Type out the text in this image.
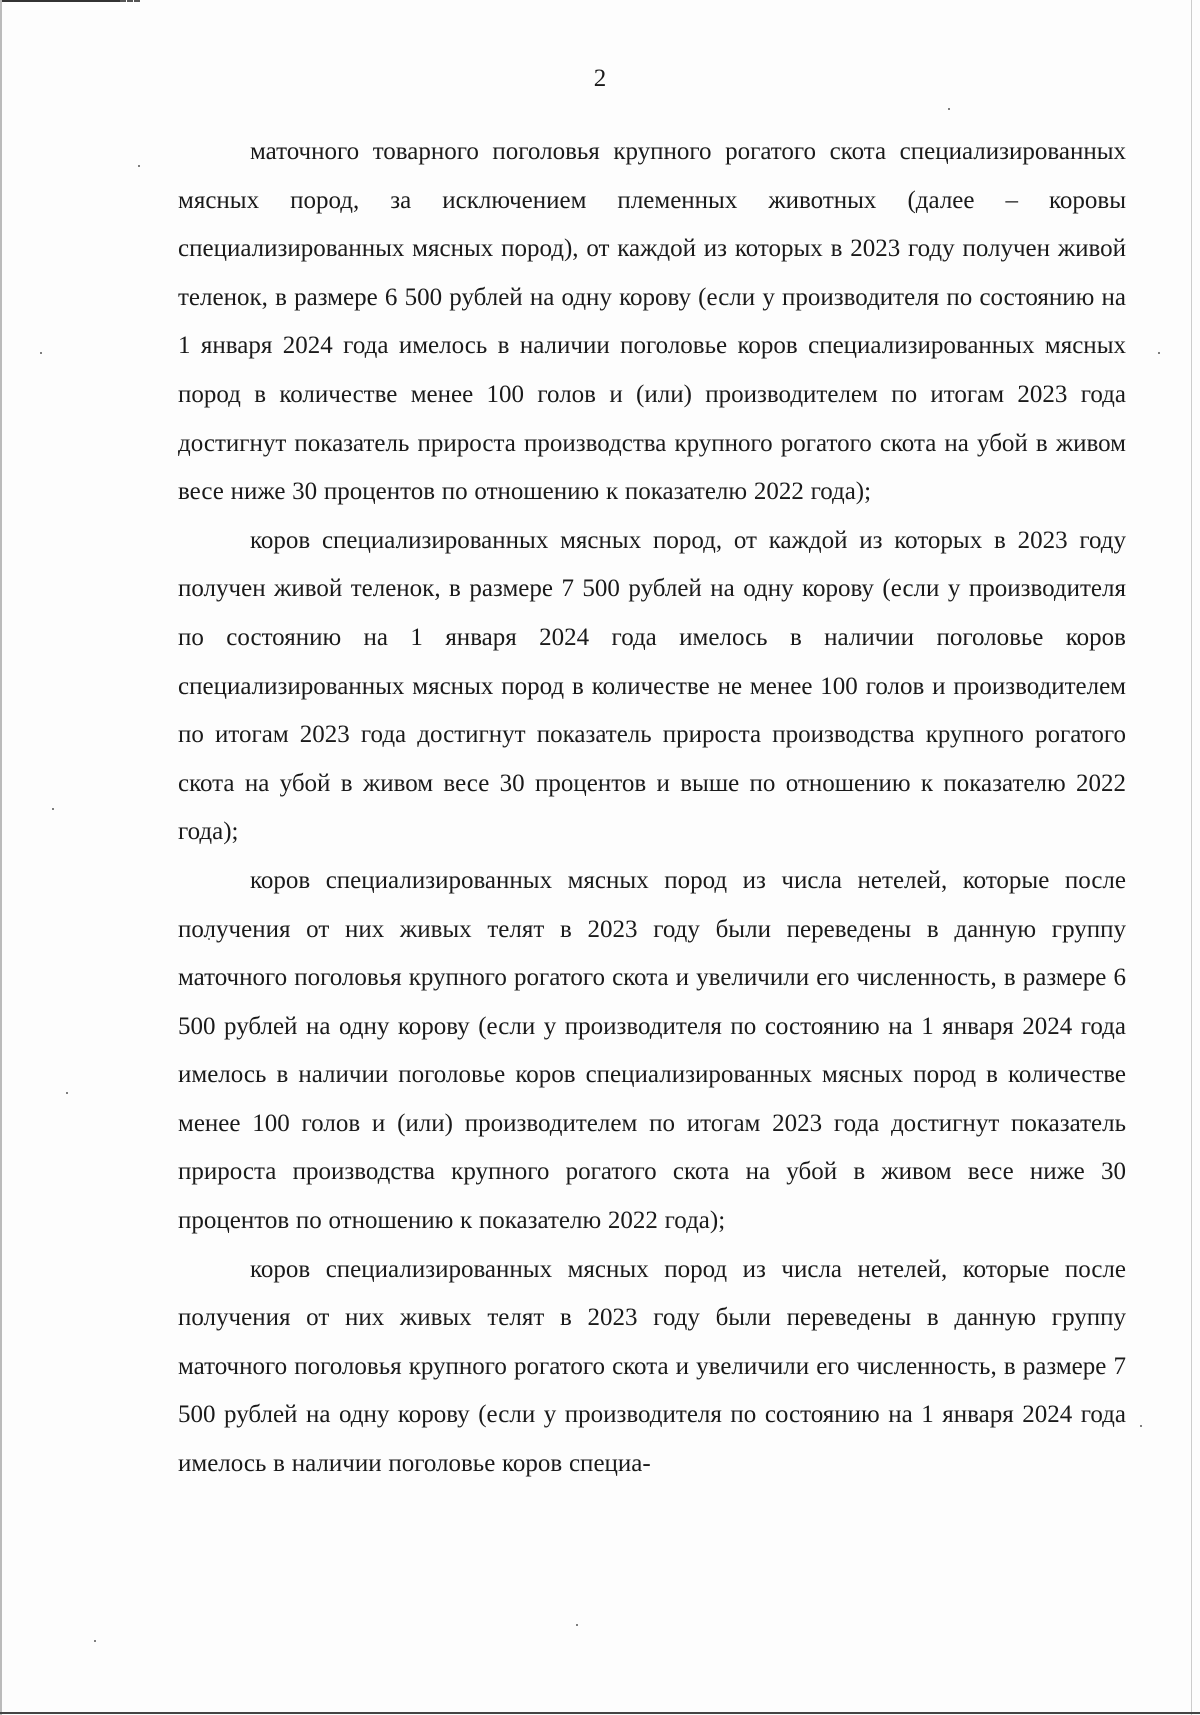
2

маточного товарного поголовья крупного рогатого скота специализированных мясных пород, за исключением племенных животных (далее – коровы специализированных мясных пород), от каждой из которых в 2023 году получен живой теленок, в размере 6 500 рублей на одну корову (если у производителя по состоянию на 1 января 2024 года имелось в наличии поголовье коров специализированных мясных пород в количестве менее 100 голов и (или) производителем по итогам 2023 года достигнут показатель прироста производства крупного рогатого скота на убой в живом весе ниже 30 процентов по отношению к показателю 2022 года);

коров специализированных мясных пород, от каждой из которых в 2023 году получен живой теленок, в размере 7 500 рублей на одну корову (если у производителя по состоянию на 1 января 2024 года имелось в наличии поголовье коров специализированных мясных пород в количестве не менее 100 голов и производителем по итогам 2023 года достигнут показатель прироста производства крупного рогатого скота на убой в живом весе 30 процентов и выше по отношению к показателю 2022 года);

коров специализированных мясных пород из числа нетелей, которые после получения от них живых телят в 2023 году были переведены в данную группу маточного поголовья крупного рогатого скота и увеличили его численность, в размере 6 500 рублей на одну корову (если у производителя по состоянию на 1 января 2024 года имелось в наличии поголовье коров специализированных мясных пород в количестве менее 100 голов и (или) производителем по итогам 2023 года достигнут показатель прироста производства крупного рогатого скота на убой в живом весе ниже 30 процентов по отношению к показателю 2022 года);

коров специализированных мясных пород из числа нетелей, которые после получения от них живых телят в 2023 году были переведены в данную группу маточного поголовья крупного рогатого скота и увеличили его численность, в размере 7 500 рублей на одну корову (если у производителя по состоянию на 1 января 2024 года имелось в наличии поголовье коров специа-
